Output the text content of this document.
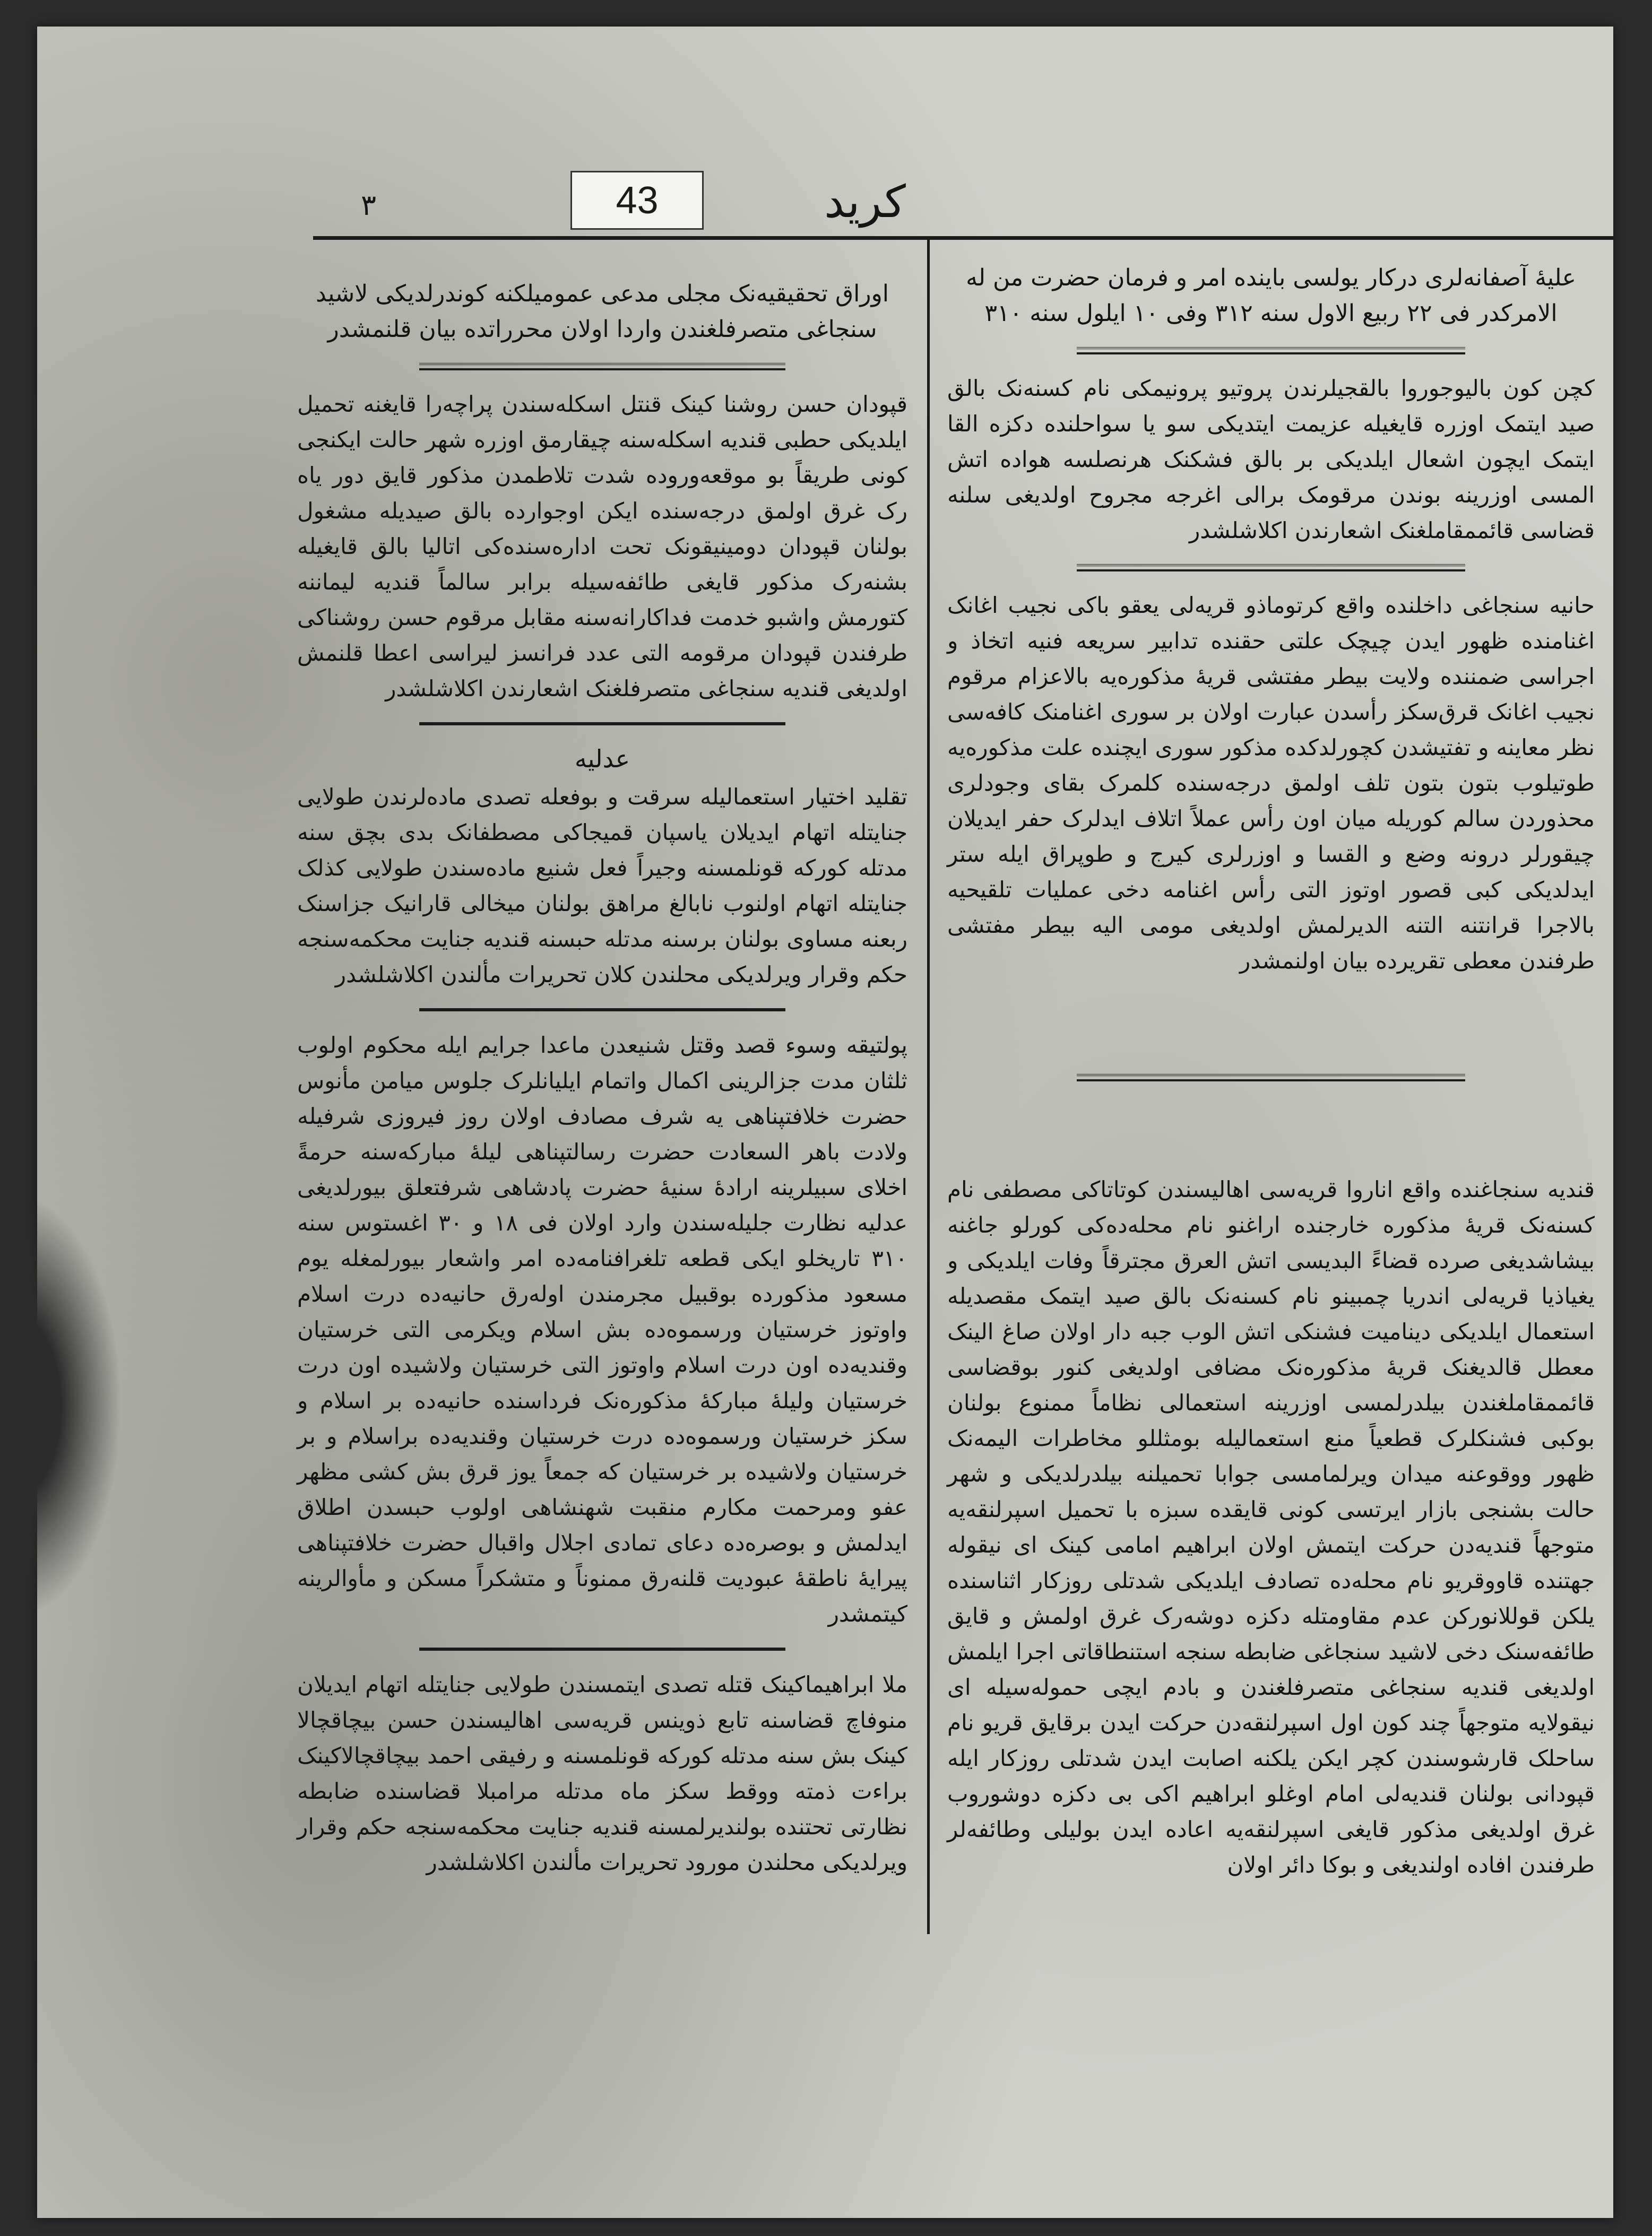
43	کرید
٣

علیهٔ آصفانه‌لری درکار یولسی باینده امر و فرمان حضرت من له الامرکدر فی ٢٢ ربیع الاول سنه ٣١٢ وفی ١٠ ایلول سنه ٣١٠

کچن کون بالیوجوروا بالقجیلرندن پروتیو پرونیمکی نام کسنه‌نک بالق صید ایتمک اوزره قایغیله عزیمت ایتدیکی سو یا سواحلنده دکزه القا ایتمک ایچون اشعال ایلدیکی بر بالق فشکنک هرنصلسه هواده اتش المسی اوزرینه بوندن مرقومک برالی اغرجه مجروح اولدیغی سلنه قضاسی قائممقاملغنک اشعارندن اکلاشلشدر

حانیه سنجاغی داخلنده واقع کرتوماذو قریه‌لی یعقو باکی نجیب اغانک اغنامنده ظهور ایدن چیچک علتی حقنده تدابیر سریعه فنیه اتخاذ و اجراسی ضمننده ولایت بیطر مفتشی قریهٔ مذکوره‌یه بالاعزام مرقوم نجیب اغانک قرق‌سکز رأسدن عبارت اولان بر سوری اغنامنک کافه‌سی نظر معاینه و تفتیشدن کچورلدکده مذکور سوری ایچنده علت مذکوره‌یه طوتیلوب بتون بتون تلف اولمق درجه‌سنده کلمرک بقای وجودلری محذوردن سالم کوریله میان اون رأس عملاً اتلاف ایدلرک حفر ایدیلان چیقورلر درونه وضع و القسا و اوزرلری کیرج و طوپراق ایله ستر ایدلدیکی کبی قصور اوتوز التی رأس اغنامه دخی عملیات تلقیحیه بالاجرا قرانتنه التنه الدیرلمش اولدیغی مومی الیه بیطر مفتشی طرفندن معطی تقریرده بیان اولنمشدر

قندیه سنجاغنده واقع اناروا قریه‌سی اهالیسندن کوتاتاکی مصطفی نام کسنه‌نک قریهٔ مذکوره خارجنده اراغنو نام محله‌ده‌کی کورلو جاغنه بیشاشدیغی صرده قضاءً البدیسی اتش العرق مجترقاً وفات ایلدیکی و یغیاذیا قریه‌لی اندریا چمبینو نام کسنه‌نک بالق صید ایتمک مقصدیله استعمال ایلدیکی دینامیت فشنکی اتش الوب جبه دار اولان صاغ الینک معطل قالدیغنک قریهٔ مذکوره‌نک مضافی اولدیغی کنور بوقضاسی قائممقاملغندن بیلدرلمسی اوزرینه استعمالی نظاماً ممنوع بولنان بوکبی فشنکلرک قطعیاً منع استعمالیله بومثللو مخاطرات الیمه‌نک ظهور ووقوعنه میدان ویرلمامسی جوابا تحمیلنه بیلدرلدیکی و شهر حالت بشنجی بازار ایرتسی کونی قایقده سبزه با تحمیل اسپرلنقه‌یه متوجهاً قندیه‌دن حرکت ایتمش اولان ابراهیم امامی کینک ای نیقوله جهتنده قاووقریو نام محله‌ده تصادف ایلدیکی شدتلی روزکار اثناسنده یلکن قوللانورکن عدم مقاومتله دکزه دوشه‌رک غرق اولمش و قایق طائفه‌سنک دخی لاشید سنجاغی ضابطه سنجه استنطاقاتی اجرا ایلمش اولدیغی قندیه سنجاغی متصرفلغندن و بادم ایچی حموله‌سیله ای نیقولایه متوجهاً چند کون اول اسپرلنقه‌دن حرکت ایدن برقایق قریو نام ساحلک قارشوسندن کچر ایکن یلکنه اصابت ایدن شدتلی روزکار ایله قپودانی بولنان قندیه‌لی امام اوغلو ابراهیم اکی بی دکزه دوشوروب غرق اولدیغی مذکور قایغی اسپرلنقه‌یه اعاده ایدن بولیلی وطائفه‌لر طرفندن افاده اولندیغی و بوکا دائر اولان

اوراق تحقیقیه‌نک مجلی مدعی عمومیلکنه کوندرلدیکی لاشید سنجاغی متصرفلغندن واردا اولان محرراتده بیان قلنمشدر

قپودان حسن روشنا کینک قنتل اسکله‌سندن پراچه‌را قایغنه تحمیل ایلدیکی حطبی قندیه اسکله‌سنه چیقارمق اوزره شهر حالت ایکنجی کونی طریقاً بو موقعه‌وروده شدت تلاطمدن مذکور قایق دور یاه رک غرق اولمق درجه‌سنده ایکن اوجوارده بالق صیدیله مشغول بولنان قپودان دومینیقونک تحت اداره‌سنده‌کی اتالیا بالق قایغیله بشنه‌رک مذکور قایغی طائفه‌سیله برابر سالماً قندیه لیماننه کتورمش واشبو خدمت فداکارانه‌سنه مقابل مرقوم حسن روشناکی طرفندن قپودان مرقومه التی عدد فرانسز لیراسی اعطا قلنمش اولدیغی قندیه سنجاغی متصرفلغنک اشعارندن اکلاشلشدر

عدلیه

تقلید اختیار استعمالیله سرقت و بوفعله تصدی ماده‌لرندن طولایی جنایتله اتهام ایدیلان یاسپان قمیجاکی مصطفانک بدی بچق سنه مدتله کورکه قونلمسنه وجیراً فعل شنیع ماده‌سندن طولایی کذلک جنایتله اتهام اولنوب نابالغ مراهق بولنان میخالی قارانیک جزاسنک ربعنه مساوی بولنان برسنه مدتله حبسنه قندیه جنایت محکمه‌سنجه حکم وقرار ویرلدیکی محلندن کلان تحریرات مألندن اکلاشلشدر

پولتیقه وسوء قصد وقتل شنیعدن ماعدا جرایم ایله محکوم اولوب ثلثان مدت جزالرینی اکمال واتمام ایلیانلرک جلوس میامن مأنوس حضرت خلافتپناهی یه شرف مصادف اولان روز فیروزی شرفیله ولادت باهر السعادت حضرت رسالتپناهی لیلهٔ مبارکه‌سنه حرمةً اخلای سبیلرینه ارادهٔ سنیهٔ حضرت پادشاهی شرفتعلق بیورلدیغی عدلیه نظارت جلیله‌سندن وارد اولان فی ١٨ و ٣٠ اغستوس سنه ٣١٠ تاریخلو ایکی قطعه تلغرافنامه‌ده امر واشعار بیورلمغله یوم مسعود مذکورده بوقبیل مجرمندن اوله‌رق حانیه‌ده درت اسلام واوتوز خرستیان ورسموه‌ده بش اسلام ویکرمی التی خرستیان وقندیه‌ده اون درت اسلام واوتوز التی خرستیان ولاشیده اون درت خرستیان ولیلهٔ مبارکهٔ مذکوره‌نک فرداسنده حانیه‌ده بر اسلام و سکز خرستیان ورسموه‌ده درت خرستیان وقندیه‌ده براسلام و بر خرستیان ولاشیده بر خرستیان که جمعاً یوز قرق بش کشی مظهر عفو ومرحمت مکارم منقبت شهنشاهی اولوب حبسدن اطلاق ایدلمش و بوصره‌ده دعای تمادی اجلال واقبال حضرت خلافتپناهی پیرایهٔ ناطقهٔ عبودیت قلنه‌رق ممنوناً و متشکراً مسکن و مأوالرینه کیتمشدر

ملا ابراهیماکینک قتله تصدی ایتمسندن طولایی جنایتله اتهام ایدیلان منوفاچ قضاسنه تابع ذوینس قریه‌سی اهالیسندن حسن بیچاقچالا کینک بش سنه مدتله کورکه قونلمسنه و رفیقی احمد بیچاقچالاکینک براءت ذمته ووقط سکز ماه مدتله مرامبلا قضاسنده ضابطه نظارتی تحتنده بولندیرلمسنه قندیه جنایت محکمه‌سنجه حکم وقرار ویرلدیکی محلندن مورود تحریرات مألندن اکلاشلشدر
